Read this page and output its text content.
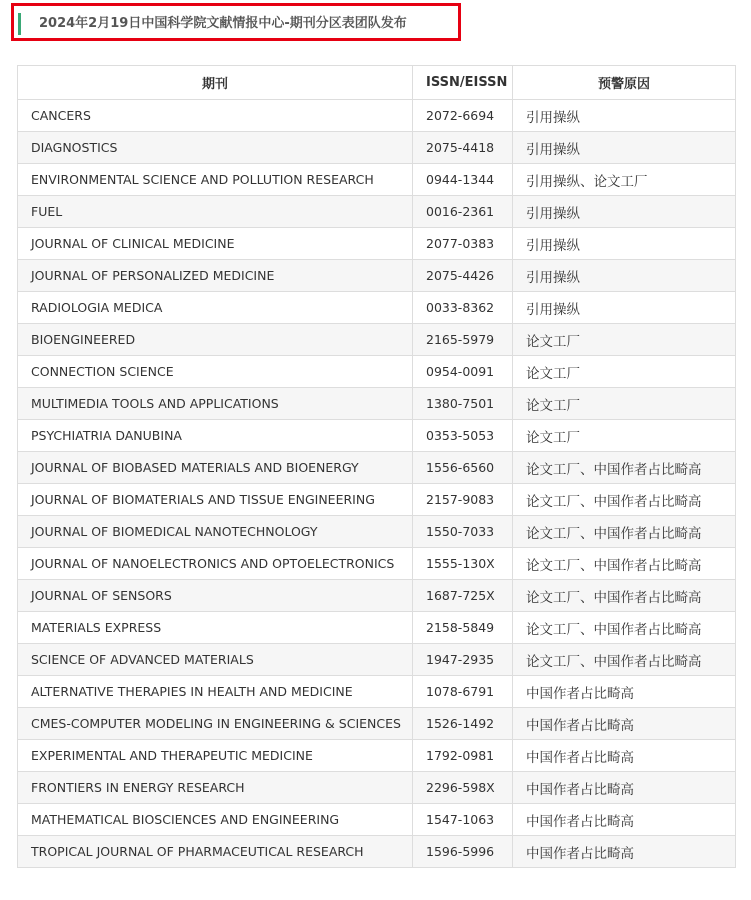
2024年2月19日中国科学院文献情报中心-期刊分区表团队发布
期刊	ISSN/EISSN	预警原因
CANCERS	2072-6694	引用操纵
DIAGNOSTICS	2075-4418	引用操纵
ENVIRONMENTAL SCIENCE AND POLLUTION RESEARCH	0944-1344	引用操纵、论文工厂
FUEL	0016-2361	引用操纵
JOURNAL OF CLINICAL MEDICINE	2077-0383	引用操纵
JOURNAL OF PERSONALIZED MEDICINE	2075-4426	引用操纵
RADIOLOGIA MEDICA	0033-8362	引用操纵
BIOENGINEERED	2165-5979	论文工厂
CONNECTION SCIENCE	0954-0091	论文工厂
MULTIMEDIA TOOLS AND APPLICATIONS	1380-7501	论文工厂
PSYCHIATRIA DANUBINA	0353-5053	论文工厂
JOURNAL OF BIOBASED MATERIALS AND BIOENERGY	1556-6560	论文工厂、中国作者占比畸高
JOURNAL OF BIOMATERIALS AND TISSUE ENGINEERING	2157-9083	论文工厂、中国作者占比畸高
JOURNAL OF BIOMEDICAL NANOTECHNOLOGY	1550-7033	论文工厂、中国作者占比畸高
JOURNAL OF NANOELECTRONICS AND OPTOELECTRONICS	1555-130X	论文工厂、中国作者占比畸高
JOURNAL OF SENSORS	1687-725X	论文工厂、中国作者占比畸高
MATERIALS EXPRESS	2158-5849	论文工厂、中国作者占比畸高
SCIENCE OF ADVANCED MATERIALS	1947-2935	论文工厂、中国作者占比畸高
ALTERNATIVE THERAPIES IN HEALTH AND MEDICINE	1078-6791	中国作者占比畸高
CMES-COMPUTER MODELING IN ENGINEERING & SCIENCES	1526-1492	中国作者占比畸高
EXPERIMENTAL AND THERAPEUTIC MEDICINE	1792-0981	中国作者占比畸高
FRONTIERS IN ENERGY RESEARCH	2296-598X	中国作者占比畸高
MATHEMATICAL BIOSCIENCES AND ENGINEERING	1547-1063	中国作者占比畸高
TROPICAL JOURNAL OF PHARMACEUTICAL RESEARCH	1596-5996	中国作者占比畸高
